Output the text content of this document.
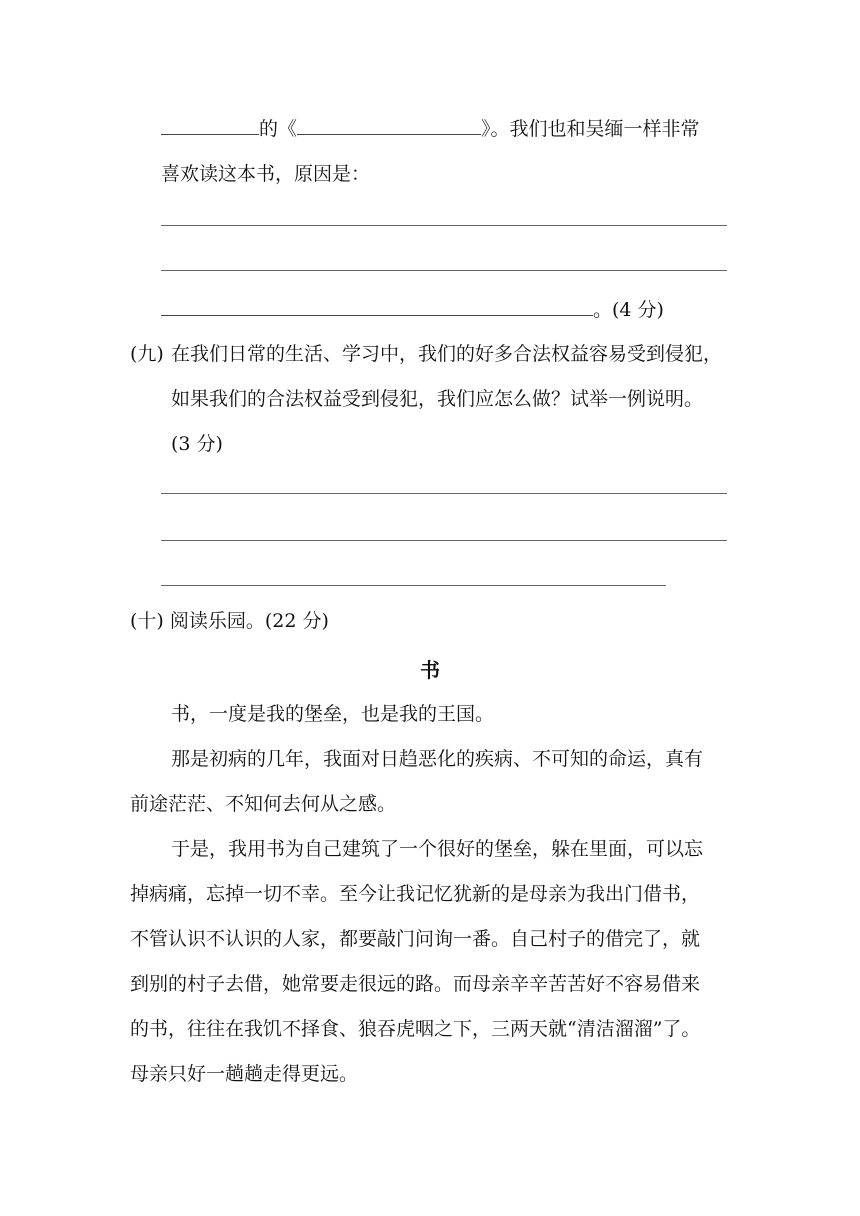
的《	》。我们也和吴缅一样非常
喜欢读这本书，原因是：
。(4 分)
(九) 在我们日常的生活、学习中，我们的好多合法权益容易受到侵犯，
如果我们的合法权益受到侵犯，我们应怎么做？试举一例说明。
(3 分)
(十) 阅读乐园。(22 分)
书
书，一度是我的堡垒，也是我的王国。
那是初病的几年，我面对日趋恶化的疾病、不可知的命运，真有
前途茫茫、不知何去何从之感。
于是，我用书为自己建筑了一个很好的堡垒，躲在里面，可以忘
掉病痛，忘掉一切不幸。至今让我记忆犹新的是母亲为我出门借书，
不管认识不认识的人家，都要敲门问询一番。自己村子的借完了，就
到别的村子去借，她常要走很远的路。而母亲辛辛苦苦好不容易借来
的书，往往在我饥不择食、狼吞虎咽之下，三两天就“清洁溜溜”了。
母亲只好一趟趟走得更远。
